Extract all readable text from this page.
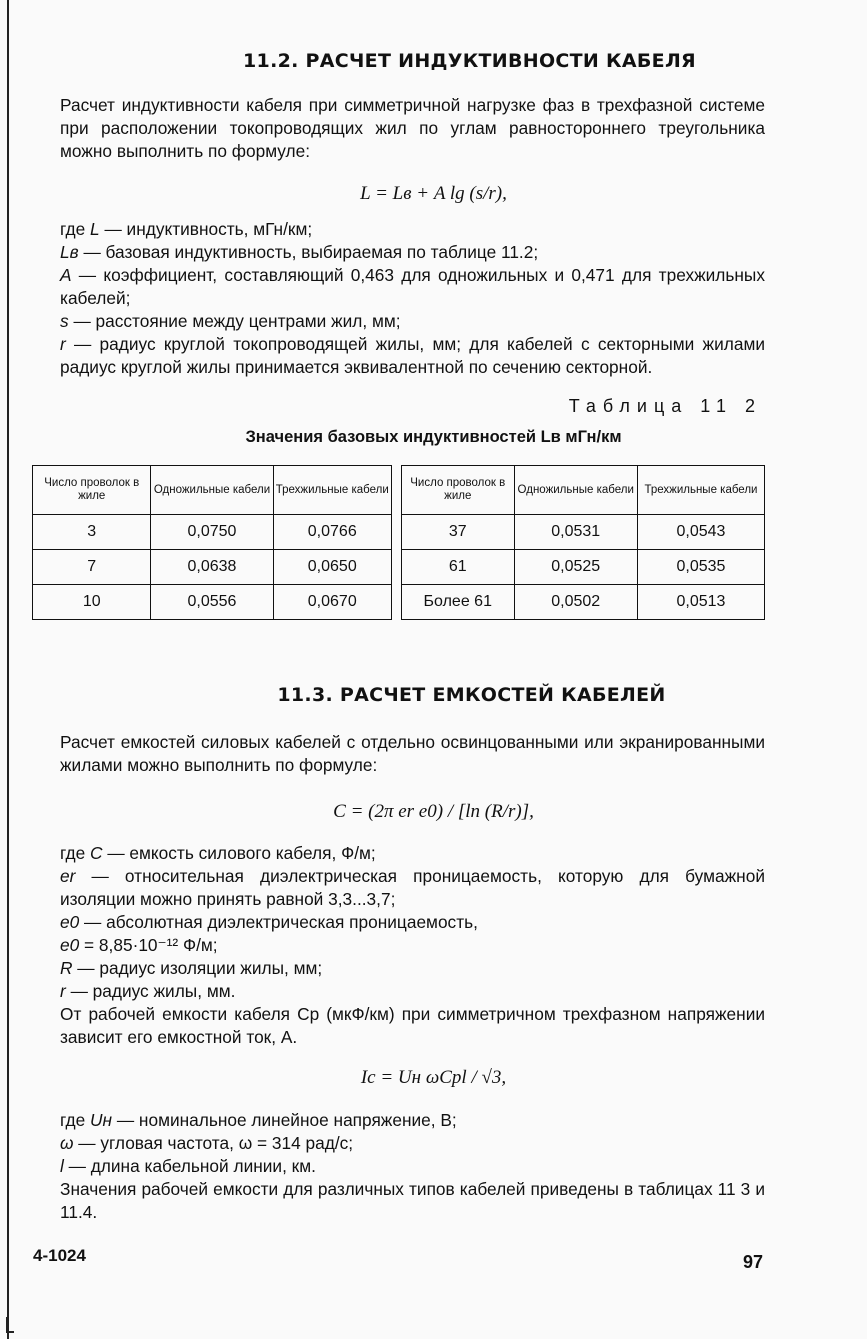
11.2. РАСЧЕТ ИНДУКТИВНОСТИ КАБЕЛЯ
Расчет индуктивности кабеля при симметричной нагрузке фаз в трехфазной системе при расположении токопроводящих жил по углам равностороннего треугольника можно выполнить по формуле:
L = Lв + A lg (s/r),
где L — индуктивность, мГн/км;
Lв — базовая индуктивность, выбираемая по таблице 11.2;
A — коэффициент, составляющий 0,463 для одножильных и 0,471 для трехжильных кабелей;
s — расстояние между центрами жил, мм;
r — радиус круглой токопроводящей жилы, мм; для кабелей с секторными жилами радиус круглой жилы принимается эквивалентной по сечению секторной.
Таблица 11 2
Значения базовых индуктивностей Lв мГн/км
Число проволок в жиле	Одножильные кабели	Трехжильные кабели
3	0,0750	0,0766
7	0,0638	0,0650
10	0,0556	0,0670
Число проволок в жиле	Одножильные кабели	Трехжильные кабели
37	0,0531	0,0543
61	0,0525	0,0535
Более 61	0,0502	0,0513
11.3. РАСЧЕТ ЕМКОСТЕЙ КАБЕЛЕЙ
Расчет емкостей силовых кабелей с отдельно освинцованными или экранированными жилами можно выполнить по формуле:
C = (2π er e0) / [ln (R/r)],
где C — емкость силового кабеля, Ф/м;
er — относительная диэлектрическая проницаемость, которую для бумажной изоляции можно принять равной 3,3...3,7;
e0 — абсолютная диэлектрическая проницаемость,
e0 = 8,85·10⁻¹² Ф/м;
R — радиус изоляции жилы, мм;
r — радиус жилы, мм.
От рабочей емкости кабеля Cр (мкФ/км) при симметричном трехфазном напряжении зависит его емкостной ток, А.
Iс = Uн ωCрl / √3,
где Uн — номинальное линейное напряжение, В;
ω — угловая частота, ω = 314 рад/с;
l — длина кабельной линии, км.
Значения рабочей емкости для различных типов кабелей приведены в таблицах 11 3 и 11.4.
4-1024	97
